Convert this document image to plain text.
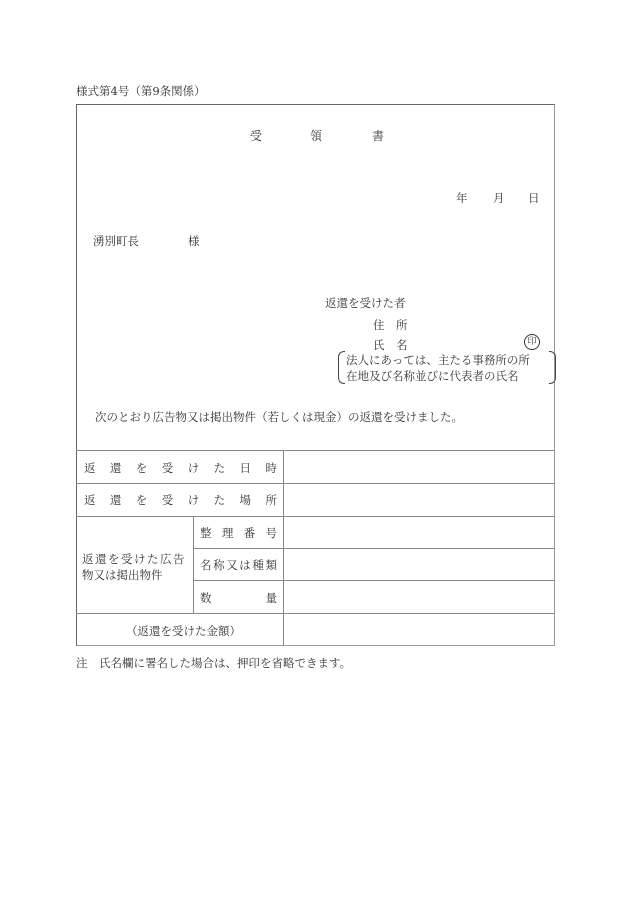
様式第4号（第9条関係）
受	領	書
年 月 日
湧別町長	様
返還を受けた者
住 所
氏 名	印
法人にあっては、主たる事務所の所
在地及び名称並びに代表者の氏名
次のとおり広告物又は掲出物件（若しくは現金）の返還を受けました。
返 還 を 受 け た 日 時
返 還 を 受 け た 場 所
返還を受けた広告
物又は掲出物件
整 理 番 号
名 称 又 は 種 類
数	量
（返還を受けた金額）
注　氏名欄に署名した場合は、押印を省略できます。
